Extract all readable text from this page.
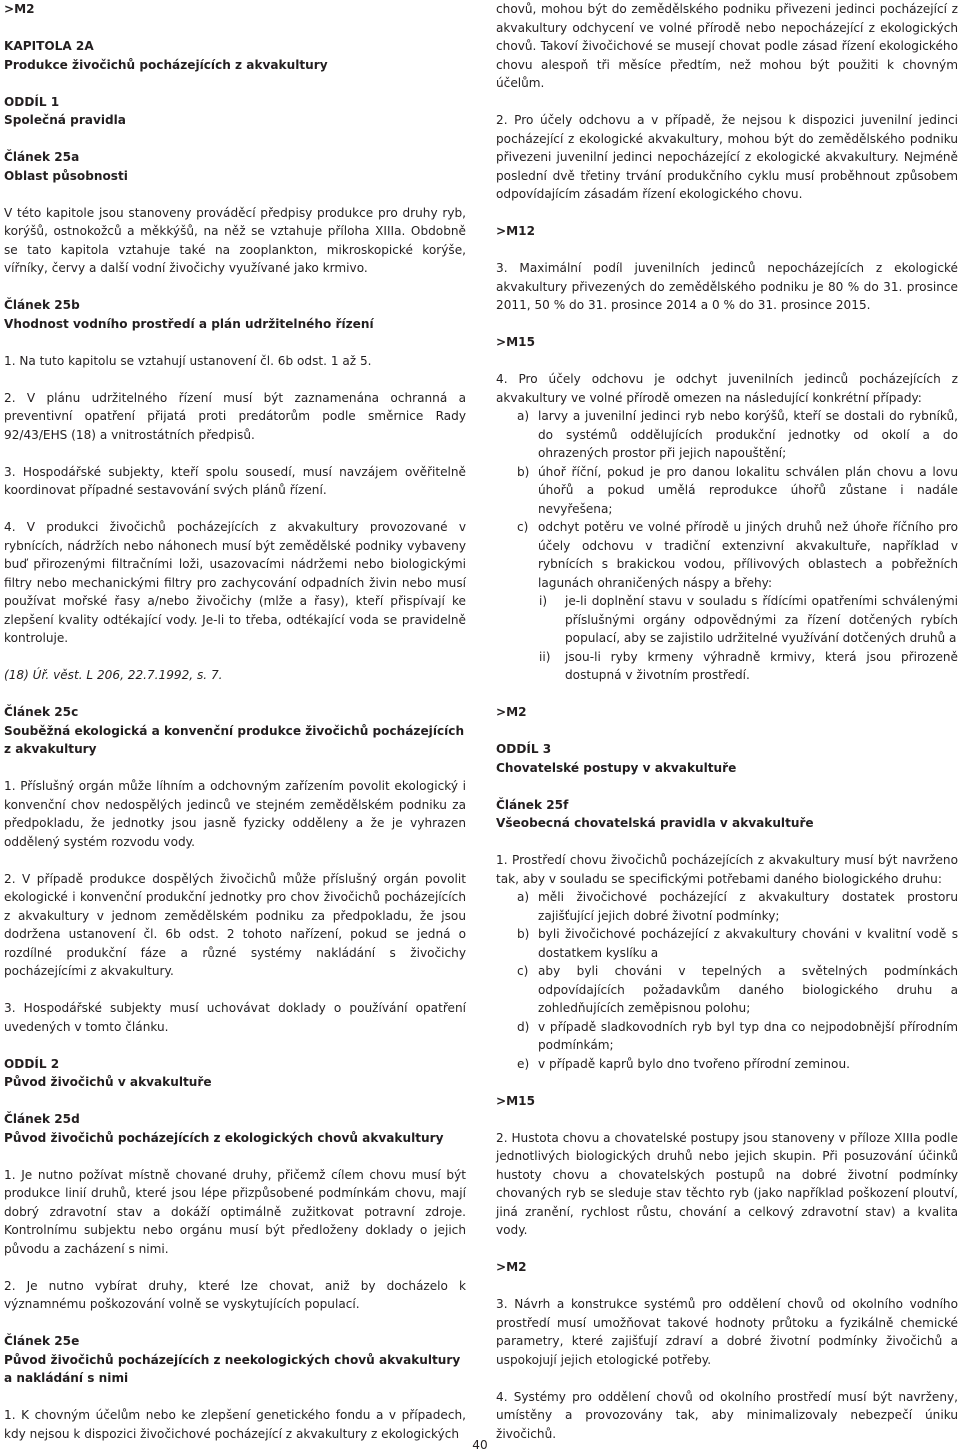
>M2
KAPITOLA 2A
Produkce živočichů pocházejících z akvakultury
ODDÍL 1
Společná pravidla
Článek 25a
Oblast působnosti
V této kapitole jsou stanoveny prováděcí předpisy produkce pro druhy ryb, korýšů, ostnokožců a měkkýšů, na něž se vztahuje příloha XIIIa. Obdobně se tato kapitola vztahuje také na zooplankton, mikroskopické korýše, vířníky, červy a další vodní živočichy využívané jako krmivo.
Článek 25b
Vhodnost vodního prostředí a plán udržitelného řízení
1. Na tuto kapitolu se vztahují ustanovení čl. 6b odst. 1 až 5.
2. V plánu udržitelného řízení musí být zaznamenána ochranná a preventivní opatření přijatá proti predátorům podle směrnice Rady 92/43/EHS (18) a vnitrostátních předpisů.
3. Hospodářské subjekty, kteří spolu sousedí, musí navzájem ověřitelně koordinovat případné sestavování svých plánů řízení.
4. V produkci živočichů pocházejících z akvakultury provozované v rybnících, nádržích nebo náhonech musí být zemědělské podniky vybaveny buď přirozenými filtračními loži, usazovacími nádržemi nebo biologickými filtry nebo mechanickými filtry pro zachycování odpadních živin nebo musí používat mořské řasy a/nebo živočichy (mlže a řasy), kteří přispívají ke zlepšení kvality odtékající vody. Je-li to třeba, odtékající voda se pravidelně kontroluje.
(18) Úř. věst. L 206, 22.7.1992, s. 7.
Článek 25c
Souběžná ekologická a konvenční produkce živočichů pocházejících z akvakultury
1. Příslušný orgán může líhním a odchovným zařízením povolit ekologický i konvenční chov nedospělých jedinců ve stejném zemědělském podniku za předpokladu, že jednotky jsou jasně fyzicky odděleny a že je vyhrazen oddělený systém rozvodu vody.
2. V případě produkce dospělých živočichů může příslušný orgán povolit ekologické i konvenční produkční jednotky pro chov živočichů pocházejících z akvakultury v jednom zemědělském podniku za předpokladu, že jsou dodržena ustanovení čl. 6b odst. 2 tohoto nařízení, pokud se jedná o rozdílné produkční fáze a různé systémy nakládání s živočichy pocházejícími z akvakultury.
3. Hospodářské subjekty musí uchovávat doklady o používání opatření uvedených v tomto článku.
ODDÍL 2
Původ živočichů v akvakultuře
Článek 25d
Původ živočichů pocházejících z ekologických chovů akvakultury
1. Je nutno požívat místně chované druhy, přičemž cílem chovu musí být produkce linií druhů, které jsou lépe přizpůsobené podmínkám chovu, mají dobrý zdravotní stav a dokáží optimálně zužitkovat potravní zdroje. Kontrolnímu subjektu nebo orgánu musí být předloženy doklady o jejich původu a zacházení s nimi.
2. Je nutno vybírat druhy, které lze chovat, aniž by docházelo k významnému poškozování volně se vyskytujících populací.
Článek 25e
Původ živočichů pocházejících z neekologických chovů akvakultury a nakládání s nimi
1. K chovným účelům nebo ke zlepšení genetického fondu a v případech, kdy nejsou k dispozici živočichové pocházející z akvakultury z ekologických
chovů, mohou být do zemědělského podniku přivezeni jedinci pocházející z akvakultury odchycení ve volné přírodě nebo nepocházející z ekologických chovů. Takoví živočichové se musejí chovat podle zásad řízení ekologického chovu alespoň tři měsíce předtím, než mohou být použiti k chovným účelům.
2. Pro účely odchovu a v případě, že nejsou k dispozici juvenilní jedinci pocházející z ekologické akvakultury, mohou být do zemědělského podniku přivezeni juvenilní jedinci nepocházející z ekologické akvakultury. Nejméně poslední dvě třetiny trvání produkčního cyklu musí proběhnout způsobem odpovídajícím zásadám řízení ekologického chovu.
>M12
3. Maximální podíl juvenilních jedinců nepocházejících z ekologické akvakultury přivezených do zemědělského podniku je 80 % do 31. prosince 2011, 50 % do 31. prosince 2014 a 0 % do 31. prosince 2015.
>M15
4. Pro účely odchovu je odchyt juvenilních jedinců pocházejících z akvakultury ve volné přírodě omezen na následující konkrétní případy:
a) larvy a juvenilní jedinci ryb nebo korýšů, kteří se dostali do rybníků, do systémů oddělujících produkční jednotky od okolí a do ohrazených prostor při jejich napouštění;
b) úhoř říční, pokud je pro danou lokalitu schválen plán chovu a lovu úhořů a pokud umělá reprodukce úhořů zůstane i nadále nevyřešena;
c) odchyt potěru ve volné přírodě u jiných druhů než úhoře říčního pro účely odchovu v tradiční extenzivní akvakultuře, například v rybnících s brakickou vodou, přílivových oblastech a pobřežních lagunách ohraničených náspy a břehy:
i) je-li doplnění stavu v souladu s řídícími opatřeními schválenými příslušnými orgány odpovědnými za řízení dotčených rybích populací, aby se zajistilo udržitelné využívání dotčených druhů a
ii) jsou-li ryby krmeny výhradně krmivy, která jsou přirozeně dostupná v životním prostředí.
>M2
ODDÍL 3
Chovatelské postupy v akvakultuře
Článek 25f
Všeobecná chovatelská pravidla v akvakultuře
1. Prostředí chovu živočichů pocházejících z akvakultury musí být navrženo tak, aby v souladu se specifickými potřebami daného biologického druhu:
a) měli živočichové pocházející z akvakultury dostatek prostoru zajišťující jejich dobré životní podmínky;
b) byli živočichové pocházející z akvakultury chováni v kvalitní vodě s dostatkem kyslíku a
c) aby byli chováni v tepelných a světelných podmínkách odpovídajících požadavkům daného biologického druhu a zohledňujících zeměpisnou polohu;
d) v případě sladkovodních ryb byl typ dna co nejpodobnější přírodním podmínkám;
e) v případě kaprů bylo dno tvořeno přírodní zeminou.
>M15
2. Hustota chovu a chovatelské postupy jsou stanoveny v příloze XIIIa podle jednotlivých biologických druhů nebo jejich skupin. Při posuzování účinků hustoty chovu a chovatelských postupů na dobré životní podmínky chovaných ryb se sleduje stav těchto ryb (jako například poškození ploutví, jiná zranění, rychlost růstu, chování a celkový zdravotní stav) a kvalita vody.
>M2
3. Návrh a konstrukce systémů pro oddělení chovů od okolního vodního prostředí musí umožňovat takové hodnoty průtoku a fyzikálně chemické parametry, které zajišťují zdraví a dobré životní podmínky živočichů a uspokojují jejich etologické potřeby.
4. Systémy pro oddělení chovů od okolního prostředí musí být navrženy, umístěny a provozovány tak, aby minimalizovaly nebezpečí úniku živočichů.
40
